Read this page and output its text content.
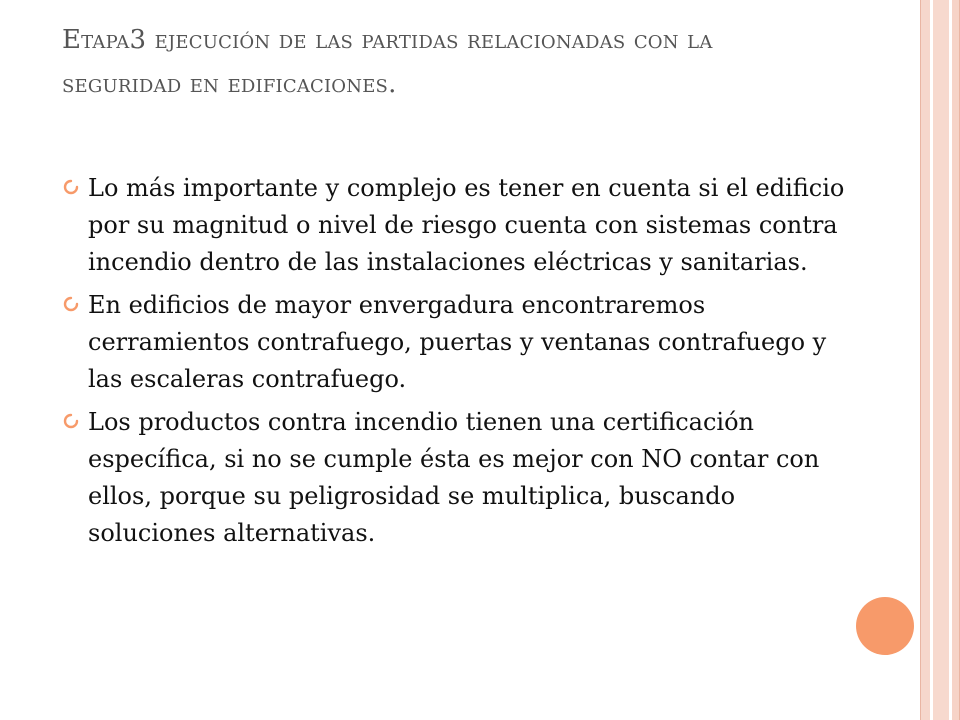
Etapa3 ejecución de las partidas relacionadas con la seguridad en edificaciones.
Lo más importante y complejo es tener en cuenta si el edificio por su magnitud o nivel de riesgo cuenta con sistemas contra incendio dentro de las instalaciones eléctricas y sanitarias.
En edificios de mayor envergadura encontraremos cerramientos contrafuego, puertas y ventanas contrafuego y las escaleras contrafuego.
Los productos contra incendio tienen una certificación específica, si no se cumple ésta es mejor con NO contar con ellos, porque su peligrosidad se multiplica, buscando soluciones alternativas.
